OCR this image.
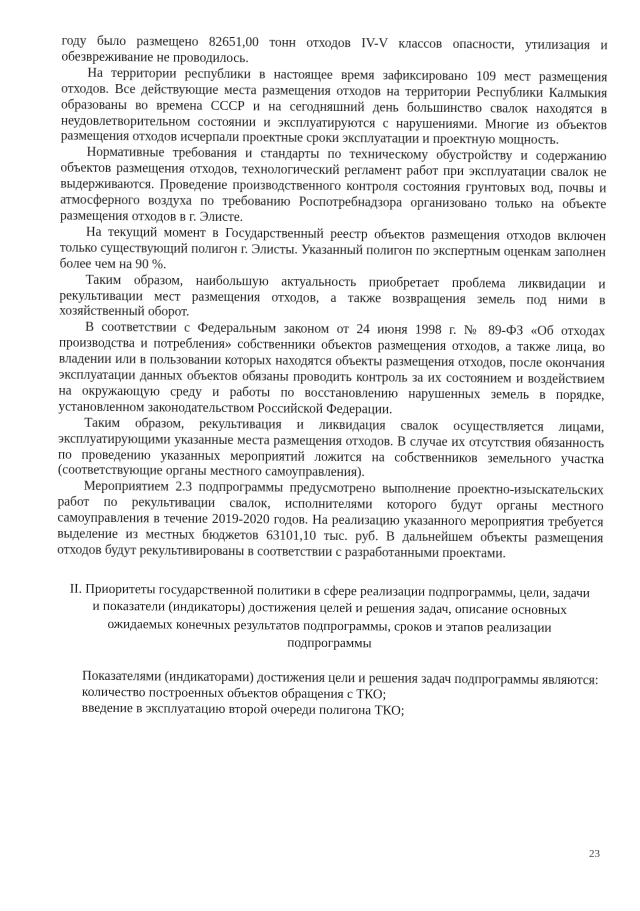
году было размещено 82651,00 тонн отходов IV-V классов опасности, утилизация и обезвреживание не проводилось.

На территории республики в настоящее время зафиксировано 109 мест размещения отходов. Все действующие места размещения отходов на территории Республики Калмыкия образованы во времена СССР и на сегодняшний день большинство свалок находятся в неудовлетворительном состоянии и эксплуатируются с нарушениями. Многие из объектов размещения отходов исчерпали проектные сроки эксплуатации и проектную мощность.

Нормативные требования и стандарты по техническому обустройству и содержанию объектов размещения отходов, технологический регламент работ при эксплуатации свалок не выдерживаются. Проведение производственного контроля состояния грунтовых вод, почвы и атмосферного воздуха по требованию Роспотребнадзора организовано только на объекте размещения отходов в г. Элисте.

На текущий момент в Государственный реестр объектов размещения отходов включен только существующий полигон г. Элисты. Указанный полигон по экспертным оценкам заполнен более чем на 90 %.

Таким образом, наибольшую актуальность приобретает проблема ликвидации и рекультивации мест размещения отходов, а также возвращения земель под ними в хозяйственный оборот.

В соответствии с Федеральным законом от 24 июня 1998 г. № 89-ФЗ «Об отходах производства и потребления» собственники объектов размещения отходов, а также лица, во владении или в пользовании которых находятся объекты размещения отходов, после окончания эксплуатации данных объектов обязаны проводить контроль за их состоянием и воздействием на окружающую среду и работы по восстановлению нарушенных земель в порядке, установленном законодательством Российской Федерации.

Таким образом, рекультивация и ликвидация свалок осуществляется лицами, эксплуатирующими указанные места размещения отходов. В случае их отсутствия обязанность по проведению указанных мероприятий ложится на собственников земельного участка (соответствующие органы местного самоуправления).

Мероприятием 2.3 подпрограммы предусмотрено выполнение проектно-изыскательских работ по рекультивации свалок, исполнителями которого будут органы местного самоуправления в течение 2019-2020 годов. На реализацию указанного мероприятия требуется выделение из местных бюджетов 63101,10 тыс. руб. В дальнейшем объекты размещения отходов будут рекультивированы в соответствии с разработанными проектами.

II. Приоритеты государственной политики в сфере реализации подпрограммы, цели, задачи и показатели (индикаторы) достижения целей и решения задач, описание основных ожидаемых конечных результатов подпрограммы, сроков и этапов реализации подпрограммы

Показателями (индикаторами) достижения цели и решения задач подпрограммы являются:

количество построенных объектов обращения с ТКО;

введение в эксплуатацию второй очереди полигона ТКО;

23
